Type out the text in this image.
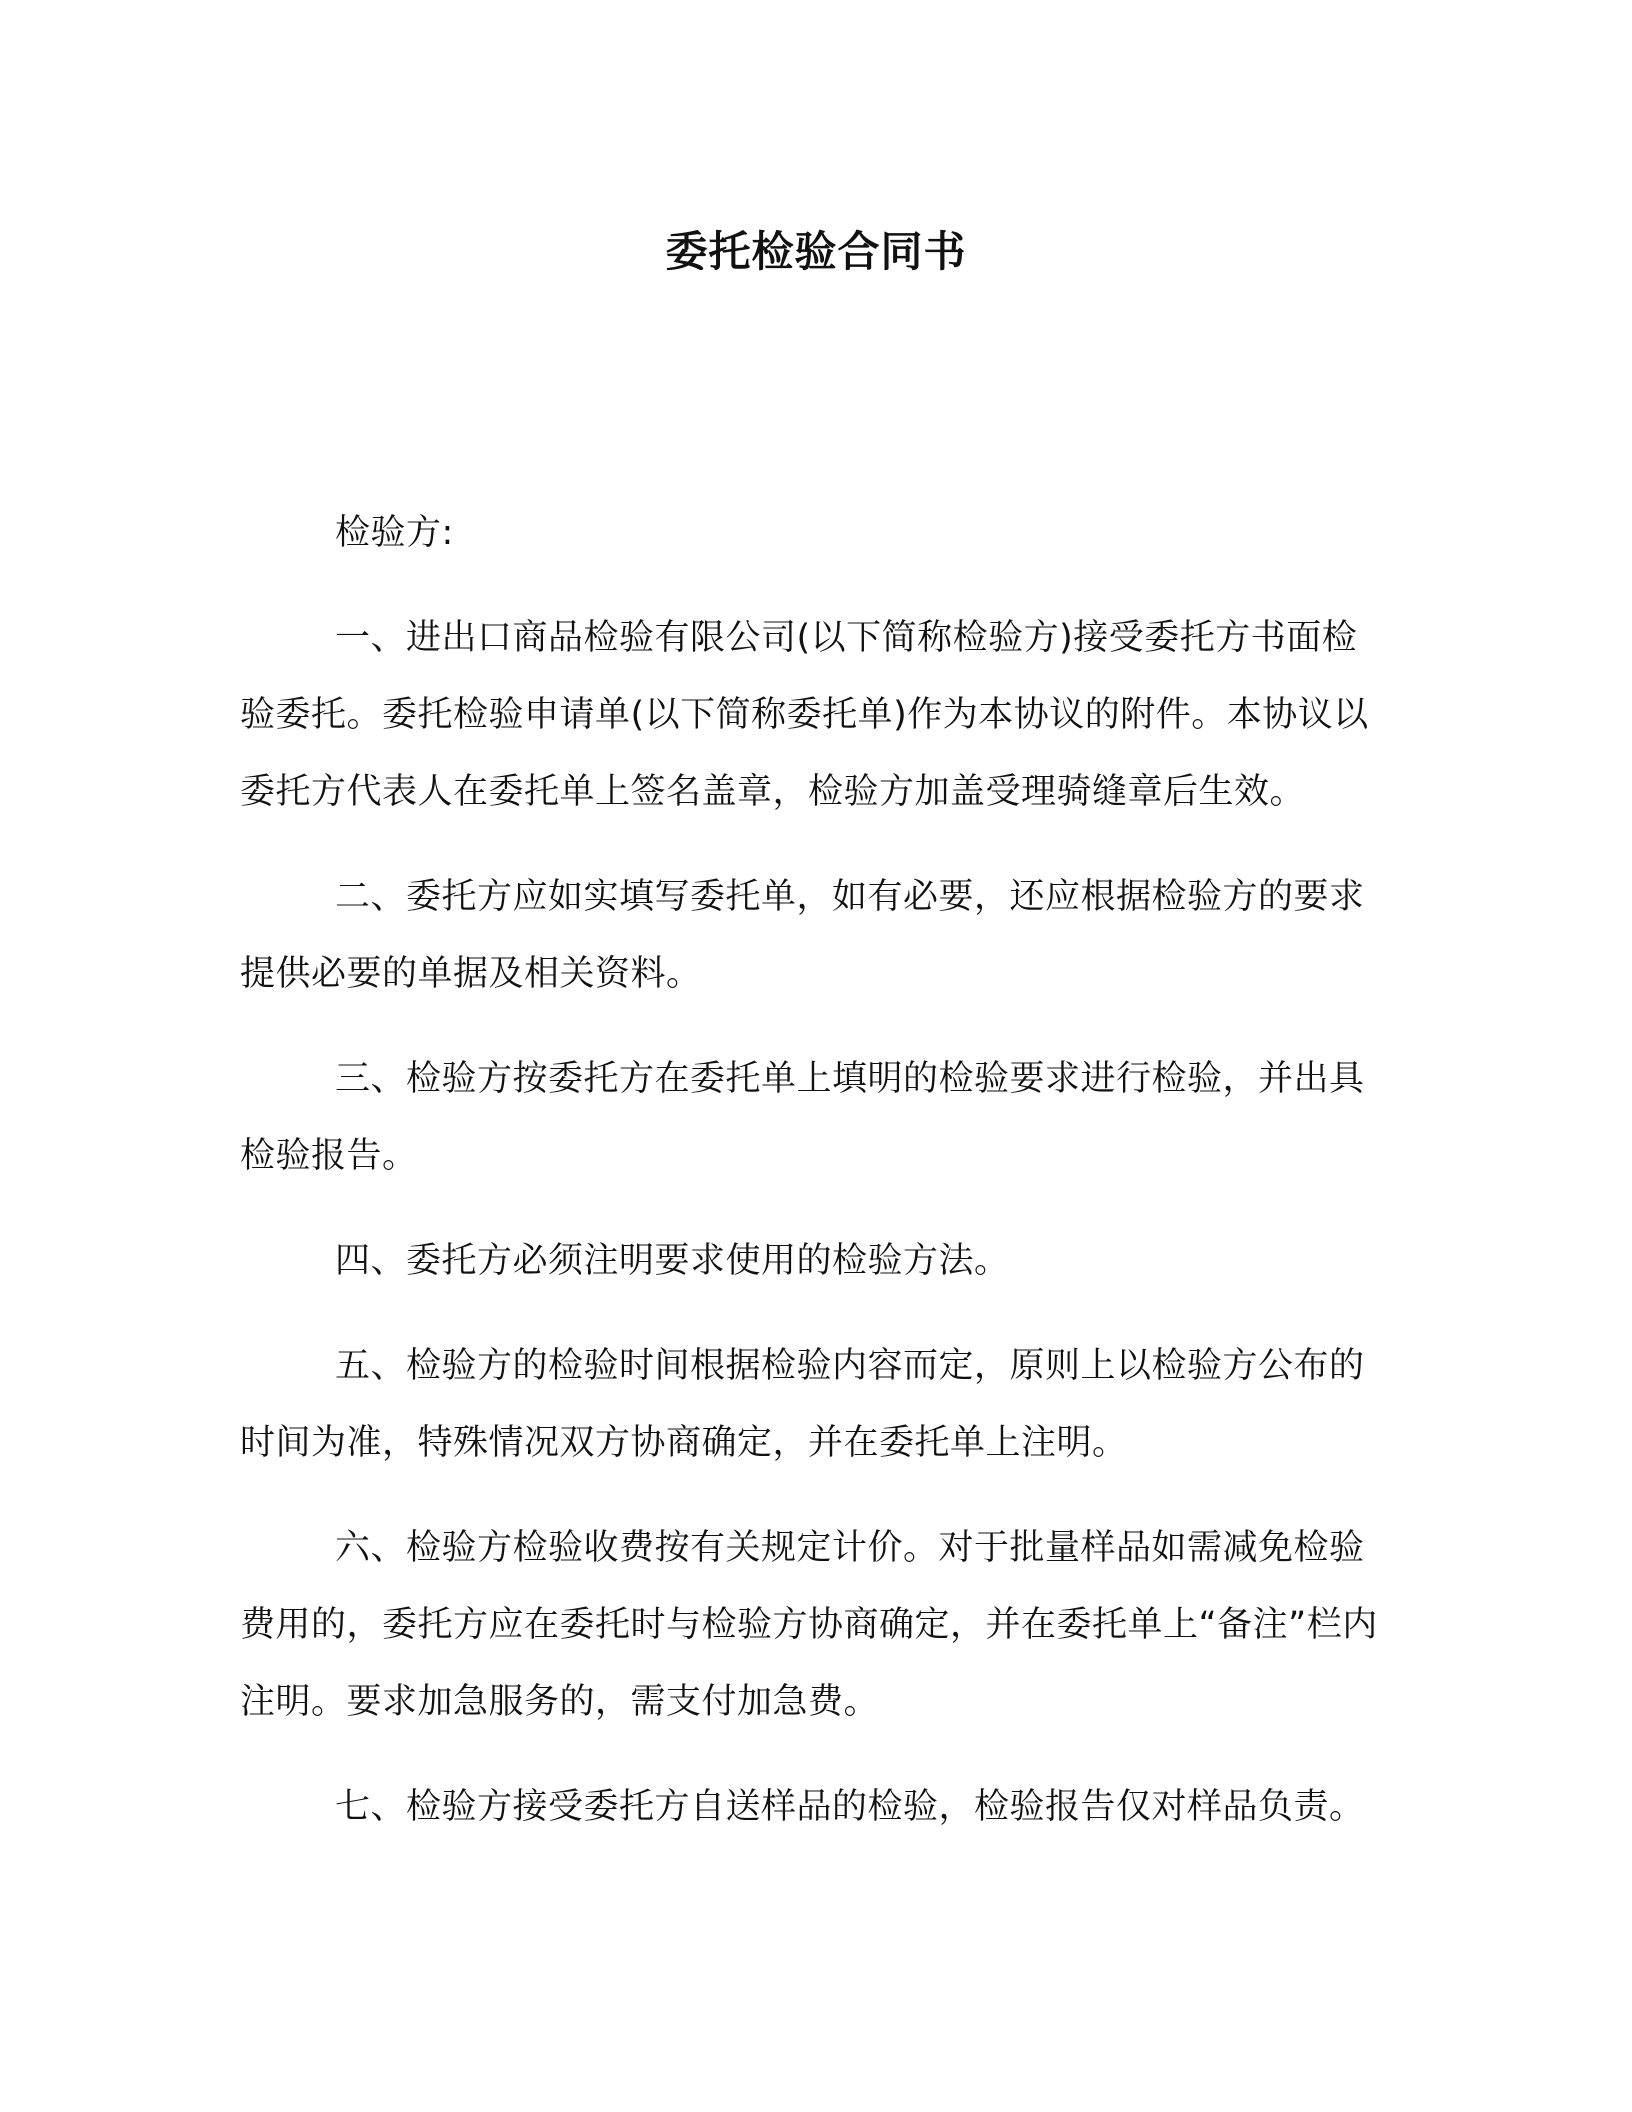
委托检验合同书

检验方:

一、进出口商品检验有限公司(以下简称检验方)接受委托方书面检验委托。委托检验申请单(以下简称委托单)作为本协议的附件。本协议以委托方代表人在委托单上签名盖章，检验方加盖受理骑缝章后生效。

二、委托方应如实填写委托单，如有必要，还应根据检验方的要求提供必要的单据及相关资料。

三、检验方按委托方在委托单上填明的检验要求进行检验，并出具检验报告。

四、委托方必须注明要求使用的检验方法。

五、检验方的检验时间根据检验内容而定，原则上以检验方公布的时间为准，特殊情况双方协商确定，并在委托单上注明。

六、检验方检验收费按有关规定计价。对于批量样品如需减免检验费用的，委托方应在委托时与检验方协商确定，并在委托单上“备注”栏内注明。要求加急服务的，需支付加急费。

七、检验方接受委托方自送样品的检验，检验报告仅对样品负责。
